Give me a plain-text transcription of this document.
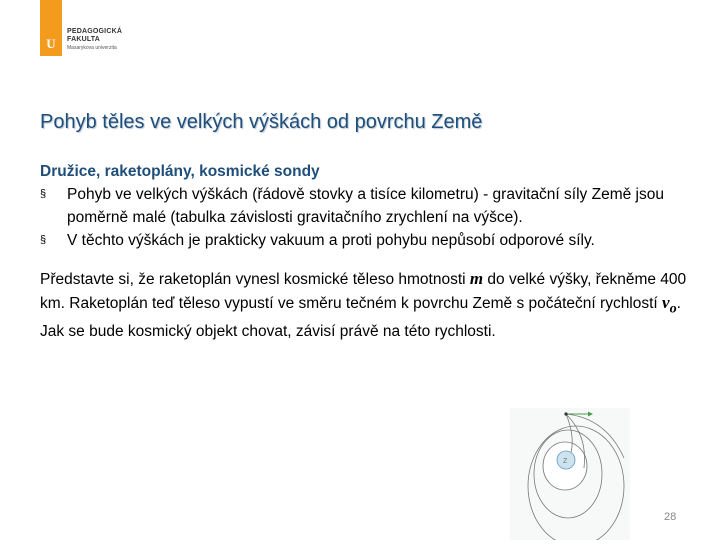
U
PEDAGOGICKÁ
FAKULTA
Masarykova univerzita
Pohyb těles ve velkých výškách od povrchu Země
Družice, raketoplány, kosmické sondy
§ Pohyb ve velkých výškách (řádově stovky a tisíce kilometru) - gravitační síly Země jsou poměrně malé (tabulka závislosti gravitačního zrychlení na výšce).
§ V těchto výškách je prakticky vakuum a proti pohybu nepůsobí odporové síly.
Představte si, že raketoplán vynesl kosmické těleso hmotnosti m do velké výšky, řekněme 400 km. Raketoplán teď těleso vypustí ve směru tečném k povrchu Země s počáteční rychlostí $v_o$. Jak se bude kosmický objekt chovat, závisí právě na této rychlosti.
Z
28
